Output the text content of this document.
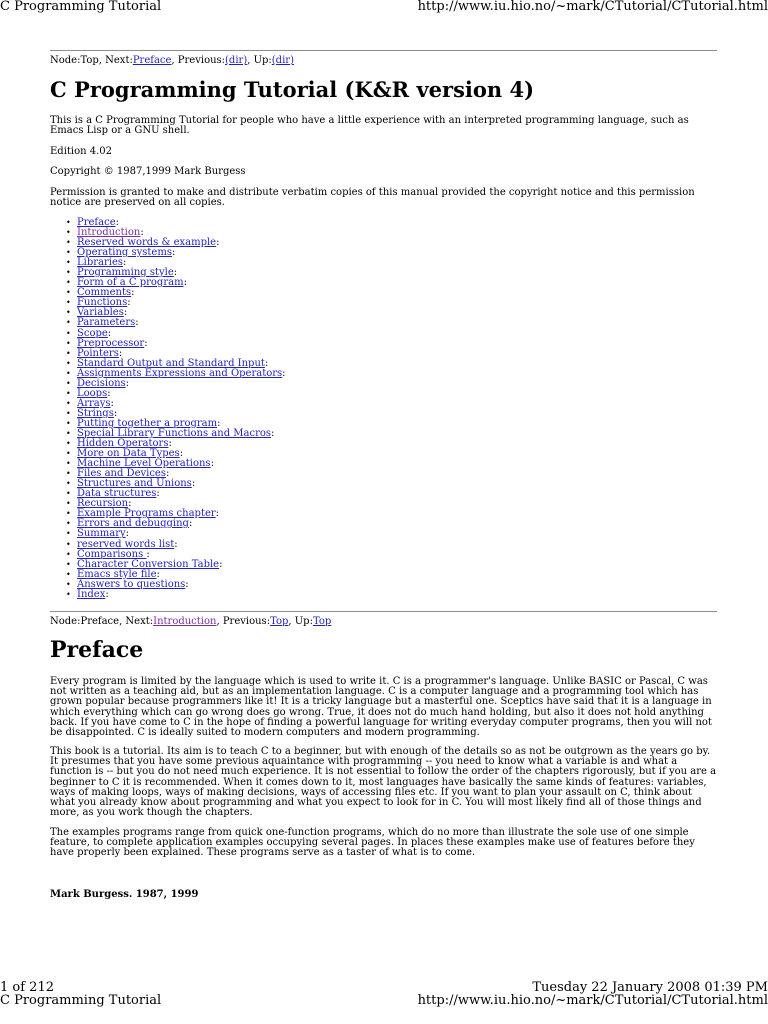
C Programming Tutorial	http://www.iu.hio.no/~mark/CTutorial/CTutorial.html
Node:Top, Next:Preface, Previous:(dir), Up:(dir)
C Programming Tutorial (K&R version 4)

This is a C Programming Tutorial for people who have a little experience with an interpreted programming language, such as Emacs Lisp or a GNU shell.

Edition 4.02

Copyright © 1987,1999 Mark Burgess

Permission is granted to make and distribute verbatim copies of this manual provided the copyright notice and this permission notice are preserved on all copies.

• Preface:
• Introduction:
• Reserved words & example:
• Operating systems:
• Libraries:
• Programming style:
• Form of a C program:
• Comments:
• Functions:
• Variables:
• Parameters:
• Scope:
• Preprocessor:
• Pointers:
• Standard Output and Standard Input:
• Assignments Expressions and Operators:
• Decisions:
• Loops:
• Arrays:
• Strings:
• Putting together a program:
• Special Library Functions and Macros:
• Hidden Operators:
• More on Data Types:
• Machine Level Operations:
• Files and Devices:
• Structures and Unions:
• Data structures:
• Recursion:
• Example Programs chapter:
• Errors and debugging:
• Summary:
• reserved words list:
• Comparisons :
• Character Conversion Table:
• Emacs style file:
• Answers to questions:
• Index:
Node:Preface, Next:Introduction, Previous:Top, Up:Top
Preface

Every program is limited by the language which is used to write it. C is a programmer's language. Unlike BASIC or Pascal, C was not written as a teaching aid, but as an implementation language. C is a computer language and a programming tool which has grown popular because programmers like it! It is a tricky language but a masterful one. Sceptics have said that it is a language in which everything which can go wrong does go wrong. True, it does not do much hand holding, but also it does not hold anything back. If you have come to C in the hope of finding a powerful language for writing everyday computer programs, then you will not be disappointed. C is ideally suited to modern computers and modern programming.

This book is a tutorial. Its aim is to teach C to a beginner, but with enough of the details so as not be outgrown as the years go by. It presumes that you have some previous aquaintance with programming -- you need to know what a variable is and what a function is -- but you do not need much experience. It is not essential to follow the order of the chapters rigorously, but if you are a beginner to C it is recommended. When it comes down to it, most languages have basically the same kinds of features: variables, ways of making loops, ways of making decisions, ways of accessing files etc. If you want to plan your assault on C, think about what you already know about programming and what you expect to look for in C. You will most likely find all of those things and more, as you work though the chapters.

The examples programs range from quick one-function programs, which do no more than illustrate the sole use of one simple feature, to complete application examples occupying several pages. In places these examples make use of features before they have properly been explained. These programs serve as a taster of what is to come.

Mark Burgess. 1987, 1999

1 of 212	Tuesday 22 January 2008 01:39 PM
C Programming Tutorial	http://www.iu.hio.no/~mark/CTutorial/CTutorial.html
